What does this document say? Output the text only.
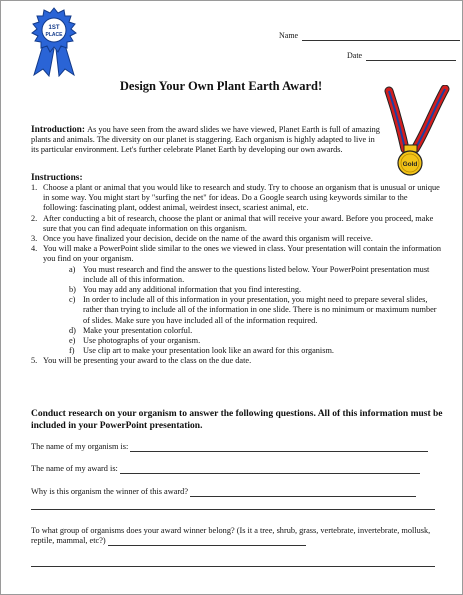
1ST
PLACE	Name
Date
Design Your Own Plant Earth Award!
Gold
Introduction: As you have seen from the award slides we have viewed, Planet Earth is full of amazing plants and animals. The diversity on our planet is staggering. Each organism is highly adapted to live in its particular environment. Let's further celebrate Planet Earth by developing our own awards.
Instructions:
1. Choose a plant or animal that you would like to research and study. Try to choose an organism that is unusual or unique in some way. You might start by "surfing the net" for ideas. Do a Google search using keywords similar to the following: fascinating plant, oddest animal, weirdest insect, scariest animal, etc.
2. After conducting a bit of research, choose the plant or animal that will receive your award. Before you proceed, make sure that you can find adequate information on this organism.
3. Once you have finalized your decision, decide on the name of the award this organism will receive.
4. You will make a PowerPoint slide similar to the ones we viewed in class. Your presentation will contain the information you find on your organism.
a) You must research and find the answer to the questions listed below. Your PowerPoint presentation must include all of this information.
b) You may add any additional information that you find interesting.
c) In order to include all of this information in your presentation, you might need to prepare several slides, rather than trying to include all of the information in one slide. There is no minimum or maximum number of slides. Make sure you have included all of the information required.
d) Make your presentation colorful.
e) Use photographs of your organism.
f) Use clip art to make your presentation look like an award for this organism.
5. You will be presenting your award to the class on the due date.
Conduct research on your organism to answer the following questions. All of this information must be included in your PowerPoint presentation.
The name of my organism is:
The name of my award is:
Why is this organism the winner of this award?
To what group of organisms does your award winner belong? (Is it a tree, shrub, grass, vertebrate, invertebrate, mollusk, reptile, mammal, etc?)
